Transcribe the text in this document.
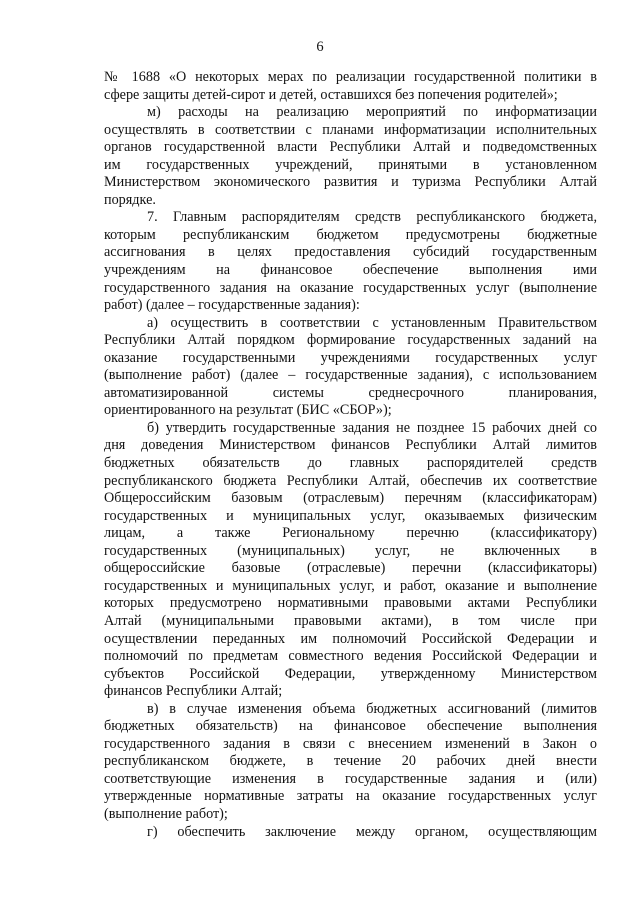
6

№ 1688 «О некоторых мерах по реализации государственной политики в
сфере защиты детей-сирот и детей, оставшихся без попечения родителей»;

м) расходы на реализацию мероприятий по информатизации
осуществлять в соответствии с планами информатизации исполнительных
органов государственной власти Республики Алтай и подведомственных
им государственных учреждений, принятыми в установленном
Министерством экономического развития и туризма Республики Алтай
порядке.

7. Главным распорядителям средств республиканского бюджета,
которым республиканским бюджетом предусмотрены бюджетные
ассигнования в целях предоставления субсидий государственным
учреждениям на финансовое обеспечение выполнения ими
государственного задания на оказание государственных услуг (выполнение
работ) (далее – государственные задания):

а) осуществить в соответствии с установленным Правительством
Республики Алтай порядком формирование государственных заданий на
оказание государственными учреждениями государственных услуг
(выполнение работ) (далее – государственные задания), с использованием
автоматизированной системы среднесрочного планирования,
ориентированного на результат (БИС «СБОР»);

б) утвердить государственные задания не позднее 15 рабочих дней со
дня доведения Министерством финансов Республики Алтай лимитов
бюджетных обязательств до главных распорядителей средств
республиканского бюджета Республики Алтай, обеспечив их соответствие
Общероссийским базовым (отраслевым) перечням (классификаторам)
государственных и муниципальных услуг, оказываемых физическим
лицам, а также Региональному перечню (классификатору)
государственных (муниципальных) услуг, не включенных в
общероссийские базовые (отраслевые) перечни (классификаторы)
государственных и муниципальных услуг, и работ, оказание и выполнение
которых предусмотрено нормативными правовыми актами Республики
Алтай (муниципальными правовыми актами), в том числе при
осуществлении переданных им полномочий Российской Федерации и
полномочий по предметам совместного ведения Российской Федерации и
субъектов Российской Федерации, утвержденному Министерством
финансов Республики Алтай;

в) в случае изменения объема бюджетных ассигнований (лимитов
бюджетных обязательств) на финансовое обеспечение выполнения
государственного задания в связи с внесением изменений в Закон о
республиканском бюджете, в течение 20 рабочих дней внести
соответствующие изменения в государственные задания и (или)
утвержденные нормативные затраты на оказание государственных услуг
(выполнение работ);

г) обеспечить заключение между органом, осуществляющим
